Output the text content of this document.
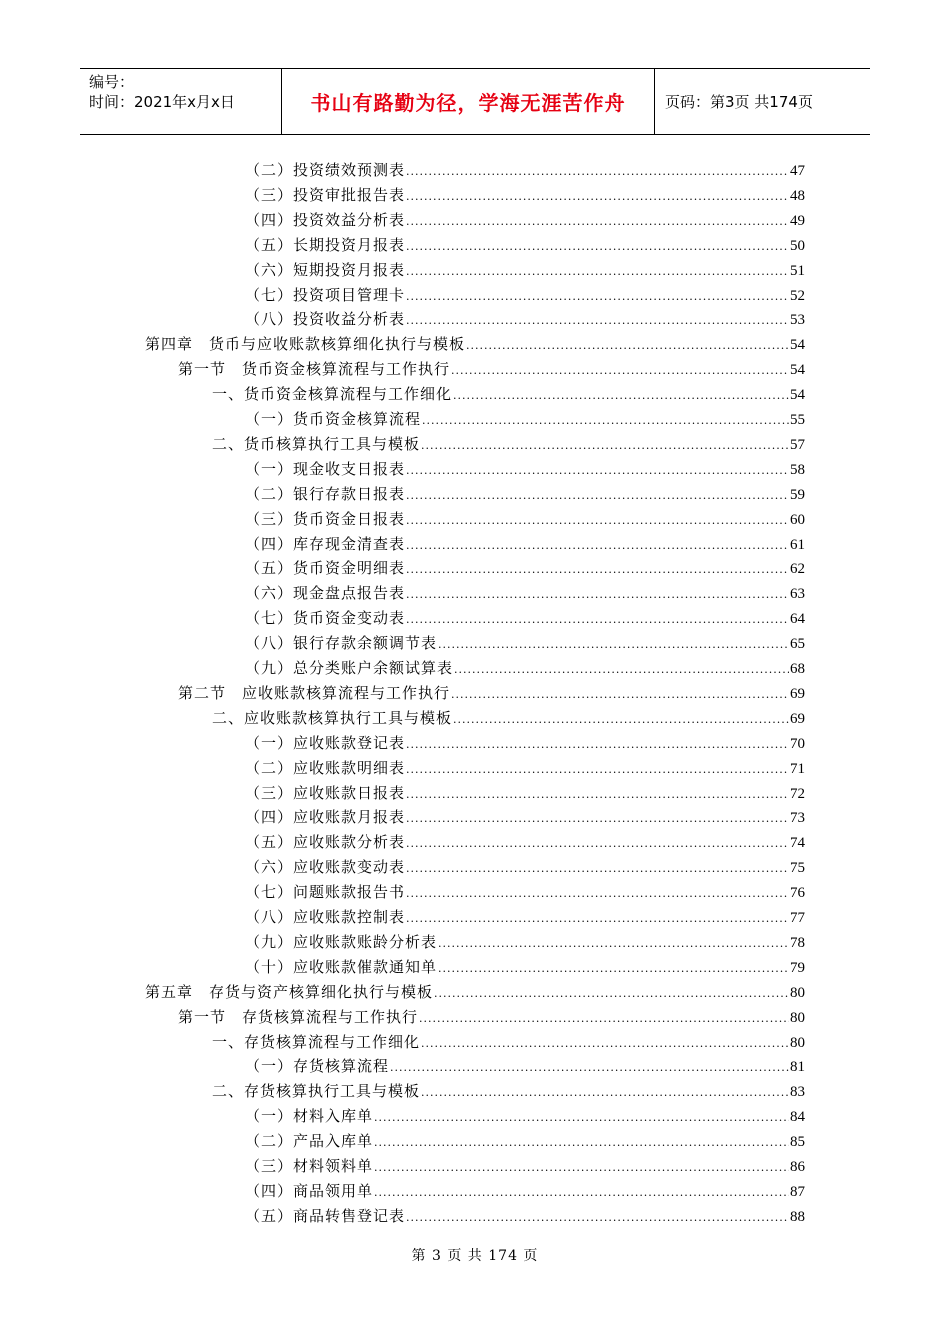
编号：
时间：2021年x月x日	书山有路勤为径，学海无涯苦作舟	页码：第3页 共174页
（二）投资绩效预测表 .....	47
（三）投资审批报告表 .....	48
（四）投资效益分析表 .....	49
（五）长期投资月报表 .....	50
（六）短期投资月报表 .....	51
（七）投资项目管理卡 .....	52
（八）投资收益分析表 .....	53
第四章　货币与应收账款核算细化执行与模板 .....	54
第一节　货币资金核算流程与工作执行 .....	54
一、货币资金核算流程与工作细化 .....	54
（一）货币资金核算流程 .....	55
二、货币核算执行工具与模板 .....	57
（一）现金收支日报表 .....	58
（二）银行存款日报表 .....	59
（三）货币资金日报表 .....	60
（四）库存现金清查表 .....	61
（五）货币资金明细表 .....	62
（六）现金盘点报告表 .....	63
（七）货币资金变动表 .....	64
（八）银行存款余额调节表 .....	65
（九）总分类账户余额试算表 .....	68
第二节　应收账款核算流程与工作执行 .....	69
二、应收账款核算执行工具与模板 .....	69
（一）应收账款登记表 .....	70
（二）应收账款明细表 .....	71
（三）应收账款日报表 .....	72
（四）应收账款月报表 .....	73
（五）应收账款分析表 .....	74
（六）应收账款变动表 .....	75
（七）问题账款报告书 .....	76
（八）应收账款控制表 .....	77
（九）应收账款账龄分析表 .....	78
（十）应收账款催款通知单 .....	79
第五章　存货与资产核算细化执行与模板 .....	80
第一节　存货核算流程与工作执行 .....	80
一、存货核算流程与工作细化 .....	80
（一）存货核算流程 .....	81
二、存货核算执行工具与模板 .....	83
（一）材料入库单 .....	84
（二）产品入库单 .....	85
（三）材料领料单 .....	86
（四）商品领用单 .....	87
（五）商品转售登记表 .....	88
第 3 页 共 174 页
